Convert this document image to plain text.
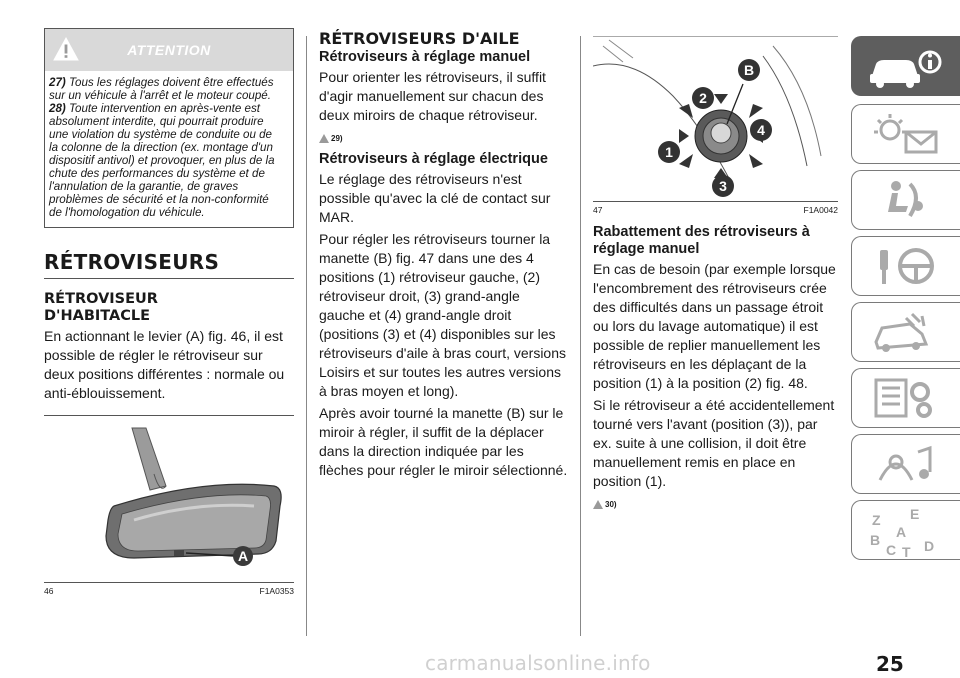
ATTENTION

27) Tous les réglages doivent être effectués sur un véhicule à l'arrêt et le moteur coupé.

28) Toute intervention en après-vente est absolument interdite, qui pourrait produire une violation du système de conduite ou de la colonne de la direction (ex. montage d'un dispositif antivol) et provoquer, en plus de la chute des performances du système et de l'annulation de la garantie, de graves problèmes de sécurité et la non-conformité de l'homologation du véhicule.

RÉTROVISEURS
RÉTROVISEUR
D'HABITACLE
En actionnant le levier (A) fig. 46, il est possible de régler le rétroviseur sur deux positions différentes : normale ou anti-éblouissement.
A
46	F1A0353
RÉTROVISEURS D'AILE
Rétroviseurs à réglage manuel
Pour orienter les rétroviseurs, il suffit d'agir manuellement sur chacun des deux miroirs de chaque rétroviseur.
29)
Rétroviseurs à réglage électrique
Le réglage des rétroviseurs n'est possible qu'avec la clé de contact sur MAR.
Pour régler les rétroviseurs tourner la manette (B) fig. 47 dans une des 4 positions (1) rétroviseur gauche, (2) rétroviseur droit, (3) grand-angle gauche et (4) grand-angle droit (positions (3) et (4) disponibles sur les rétroviseurs d'aile à bras court, versions Loisirs et sur toutes les autres versions à bras moyen et long).
Après avoir tourné la manette (B) sur le miroir à régler, il suffit de la déplacer dans la direction indiquée par les flèches pour régler le miroir sélectionné.
B
2
4
1
3
47	F1A0042
Rabattement des rétroviseurs à
réglage manuel
En cas de besoin (par exemple lorsque l'encombrement des rétroviseurs crée des difficultés dans un passage étroit ou lors du lavage automatique) il est possible de replier manuellement les rétroviseurs en les déplaçant de la position (1) à la position (2) fig. 48.
Si le rétroviseur a été accidentellement tourné vers l'avant (position (3)), par ex. suite à une collision, il doit être manuellement remis en place en position (1).
30)
Z E
A
B
C T D
carmanualsonline.info	25
